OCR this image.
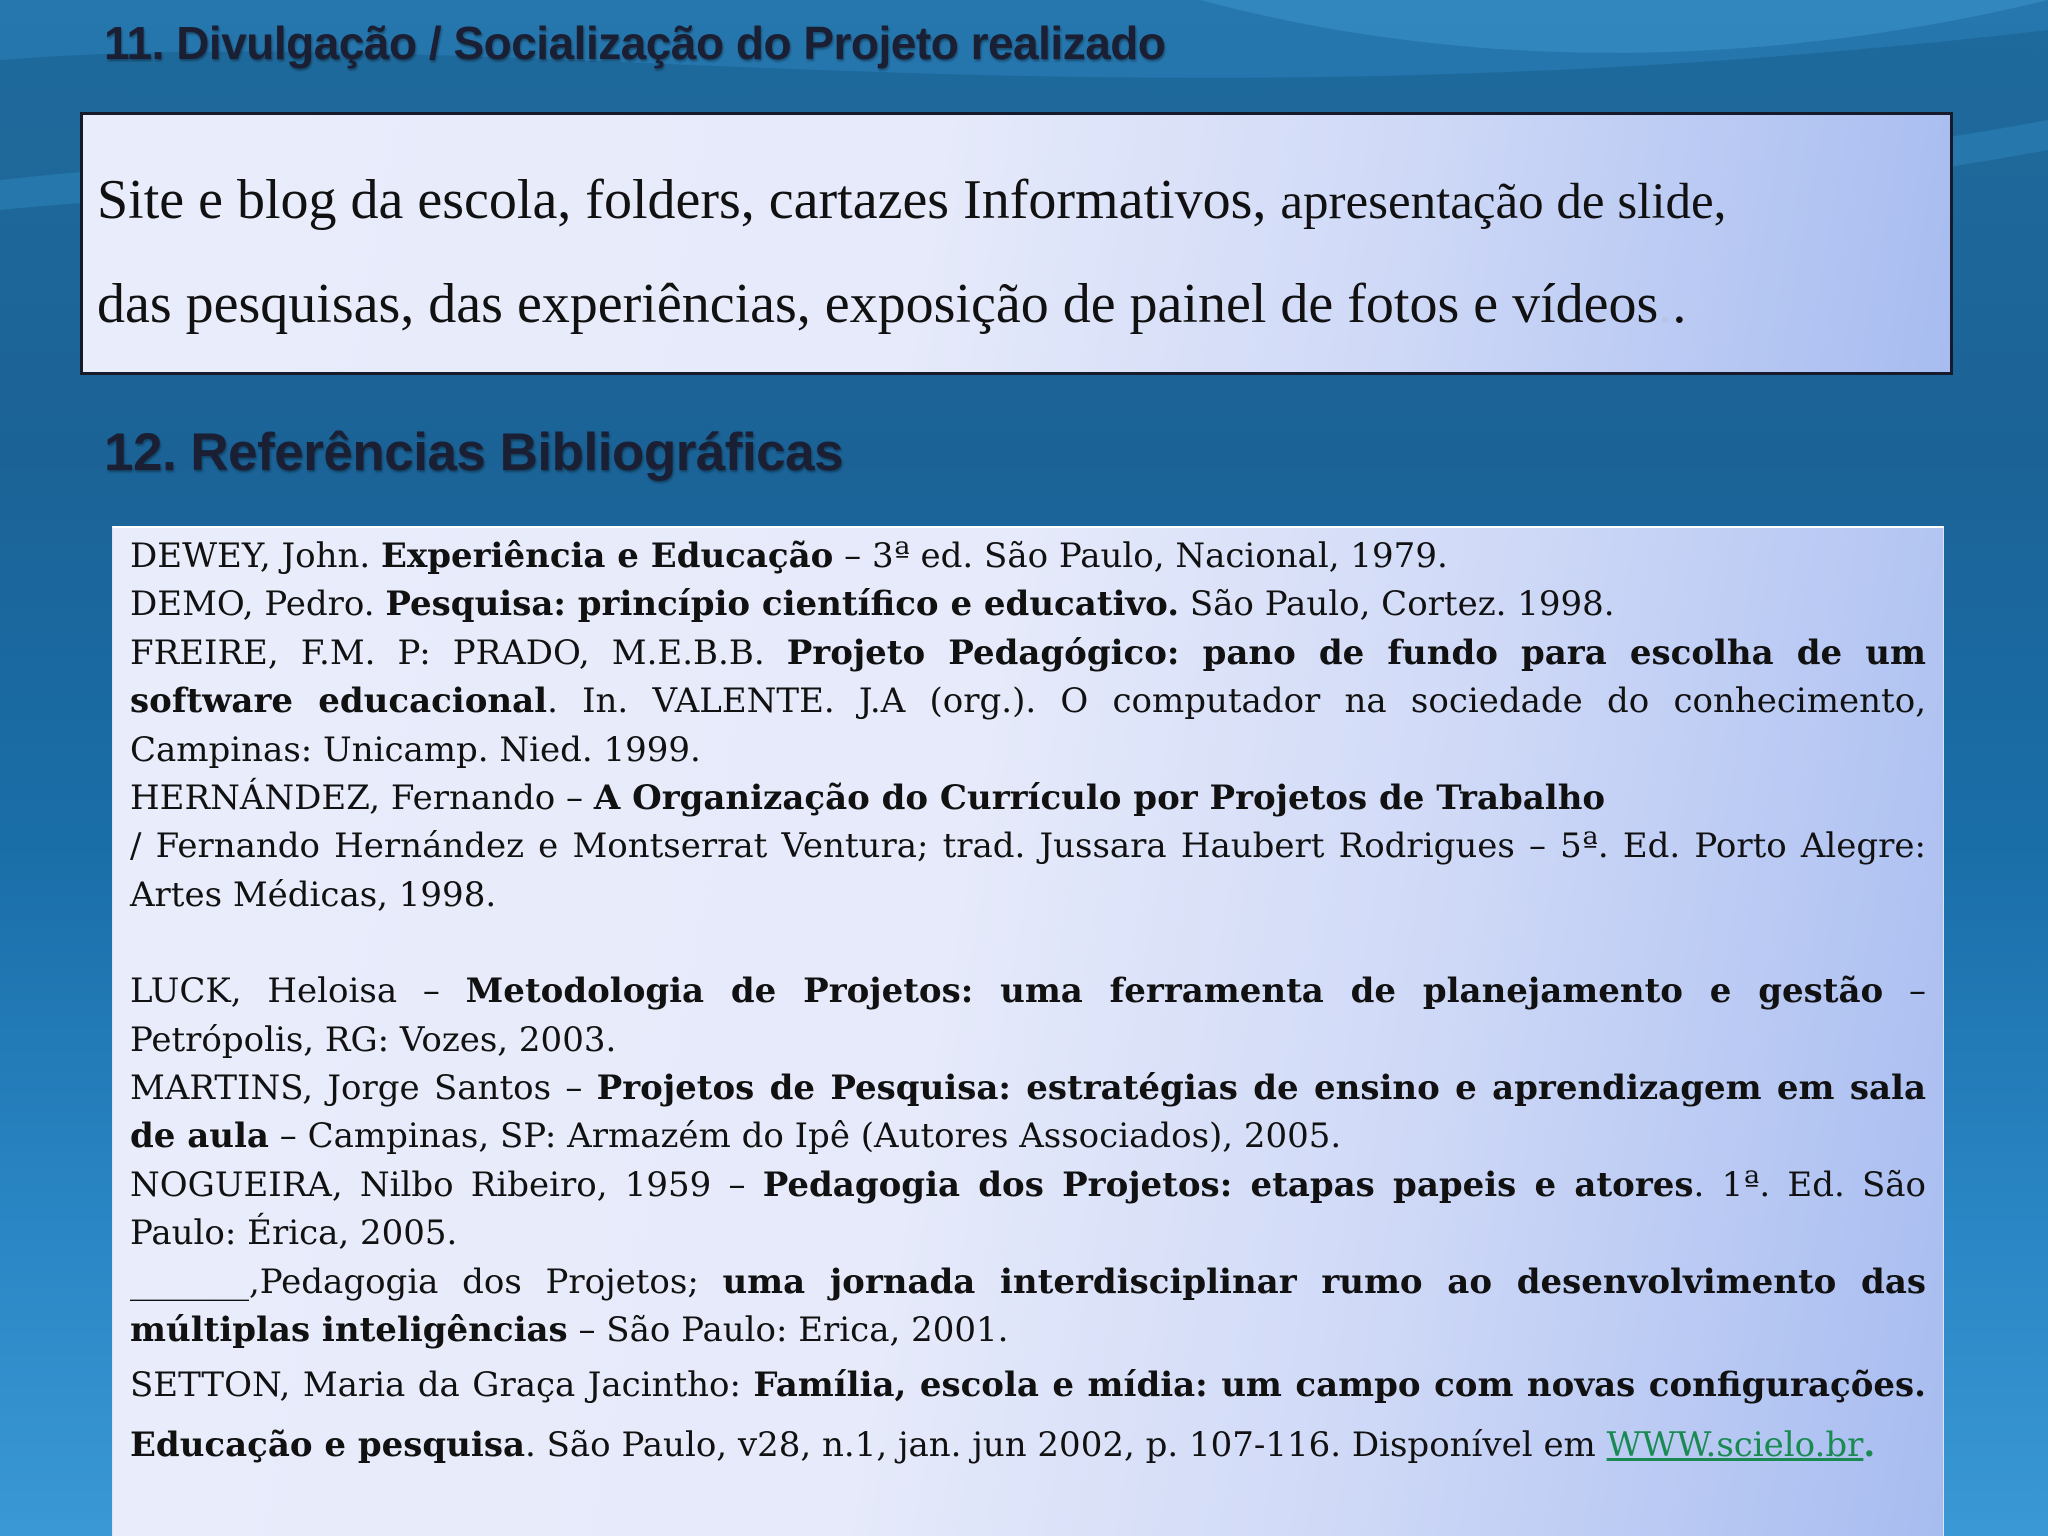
11. Divulgação / Socialização do Projeto realizado

Site e blog da escola, folders, cartazes Informativos, apresentação de slide,

das pesquisas, das experiências, exposição de painel de fotos e vídeos..

12. Referências Bibliográficas

DEWEY, John. Experiência e Educação – 3ª ed. São Paulo, Nacional, 1979.

DEMO, Pedro. Pesquisa: princípio científico e educativo. São Paulo, Cortez. 1998.

FREIRE, F.M. P: PRADO, M.E.B.B. Projeto Pedagógico: pano de fundo para escolha de um software educacional. In. VALENTE. J.A (org.). O computador na sociedade do conhecimento, Campinas: Unicamp. Nied. 1999.

HERNÁNDEZ, Fernando – A Organização do Currículo por Projetos de Trabalho
/ Fernando Hernández e Montserrat Ventura; trad. Jussara Haubert Rodrigues – 5ª. Ed. Porto Alegre: Artes Médicas, 1998.

LUCK, Heloisa – Metodologia de Projetos: uma ferramenta de planejamento e gestão – Petrópolis, RG: Vozes, 2003.

MARTINS, Jorge Santos – Projetos de Pesquisa: estratégias de ensino e aprendizagem em sala de aula – Campinas, SP: Armazém do Ipê (Autores Associados), 2005.

NOGUEIRA, Nilbo Ribeiro, 1959 – Pedagogia dos Projetos: etapas papeis e atores. 1ª. Ed. São Paulo: Érica, 2005.

_______,Pedagogia dos Projetos; uma jornada interdisciplinar rumo ao desenvolvimento das múltiplas inteligências – São Paulo: Erica, 2001.

SETTON, Maria da Graça Jacintho: Família, escola e mídia: um campo com novas configurações. Educação e pesquisa. São Paulo, v28, n.1, jan. jun 2002, p. 107-116. Disponível em WWW.scielo.br.
